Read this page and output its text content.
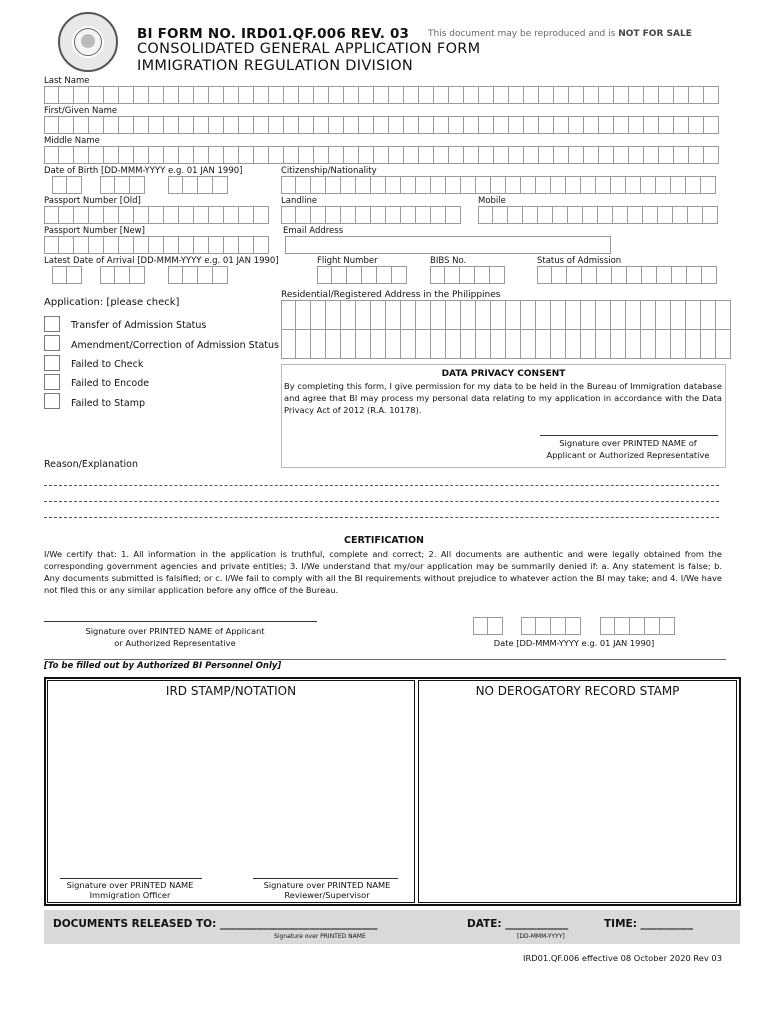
BI FORM NO. IRD01.QF.006 REV. 03 This document may be reproduced and is NOT FOR SALE
CONSOLIDATED GENERAL APPLICATION FORM
IMMIGRATION REGULATION DIVISION
Last Name
First/Given Name
Middle Name
Date of Birth [DD-MMM-YYYY e.g. 01 JAN 1990]	Citizenship/Nationality
Passport Number [Old]	Landline	Mobile
Passport Number [New]	Email Address
Latest Date of Arrival [DD-MMM-YYYY e.g. 01 JAN 1990]	Flight Number	BIBS No.	Status of Admission
Application: [please check]
Transfer of Admission Status
Amendment/Correction of Admission Status
Failed to Check
Failed to Encode
Failed to Stamp
Residential/Registered Address in the Philippines
DATA PRIVACY CONSENT
By completing this form, I give permission for my data to be held in the Bureau of Immigration database and agree that BI may process my personal data relating to my application in accordance with the Data Privacy Act of 2012 (R.A. 10178).
Signature over PRINTED NAME of
Applicant or Authorized Representative
Reason/Explanation
CERTIFICATION
I/We certify that: 1. All information in the application is truthful, complete and correct; 2. All documents are authentic and were legally obtained from the corresponding government agencies and private entities; 3. I/We understand that my/our application may be summarily denied if: a. Any statement is false; b. Any documents submitted is falsified; or c. I/We fail to comply with all the BI requirements without prejudice to whatever action the BI may take; and 4. I/We have not filed this or any similar application before any office of the Bureau.
Signature over PRINTED NAME of Applicant
or Authorized Representative	Date [DD-MMM-YYYY e.g. 01 JAN 1990]
[To be filled out by Authorized BI Personnel Only]
IRD STAMP/NOTATION
Signature over PRINTED NAME
Immigration Officer
Signature over PRINTED NAME
Reviewer/Supervisor
NO DEROGATORY RECORD STAMP
DOCUMENTS RELEASED TO: ______________________________
Signature over PRINTED NAME
DATE: ____________
[DD-MMM-YYYY]
TIME: __________
IRD01.QF.006 effective 08 October 2020 Rev 03
